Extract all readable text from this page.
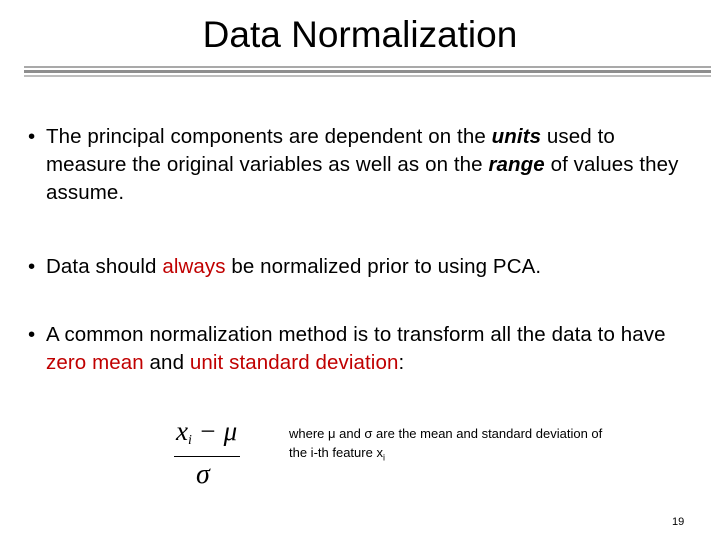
Data Normalization
• The principal components are dependent on the units used to measure the original variables as well as on the range of values they assume.
• Data should always be normalized prior to using PCA.
• A common normalization method is to transform all the data to have zero mean and unit standard deviation:
$x_i - \mu$
σ
where μ and σ are the mean and standard deviation of the i-th feature $x_i$
19
